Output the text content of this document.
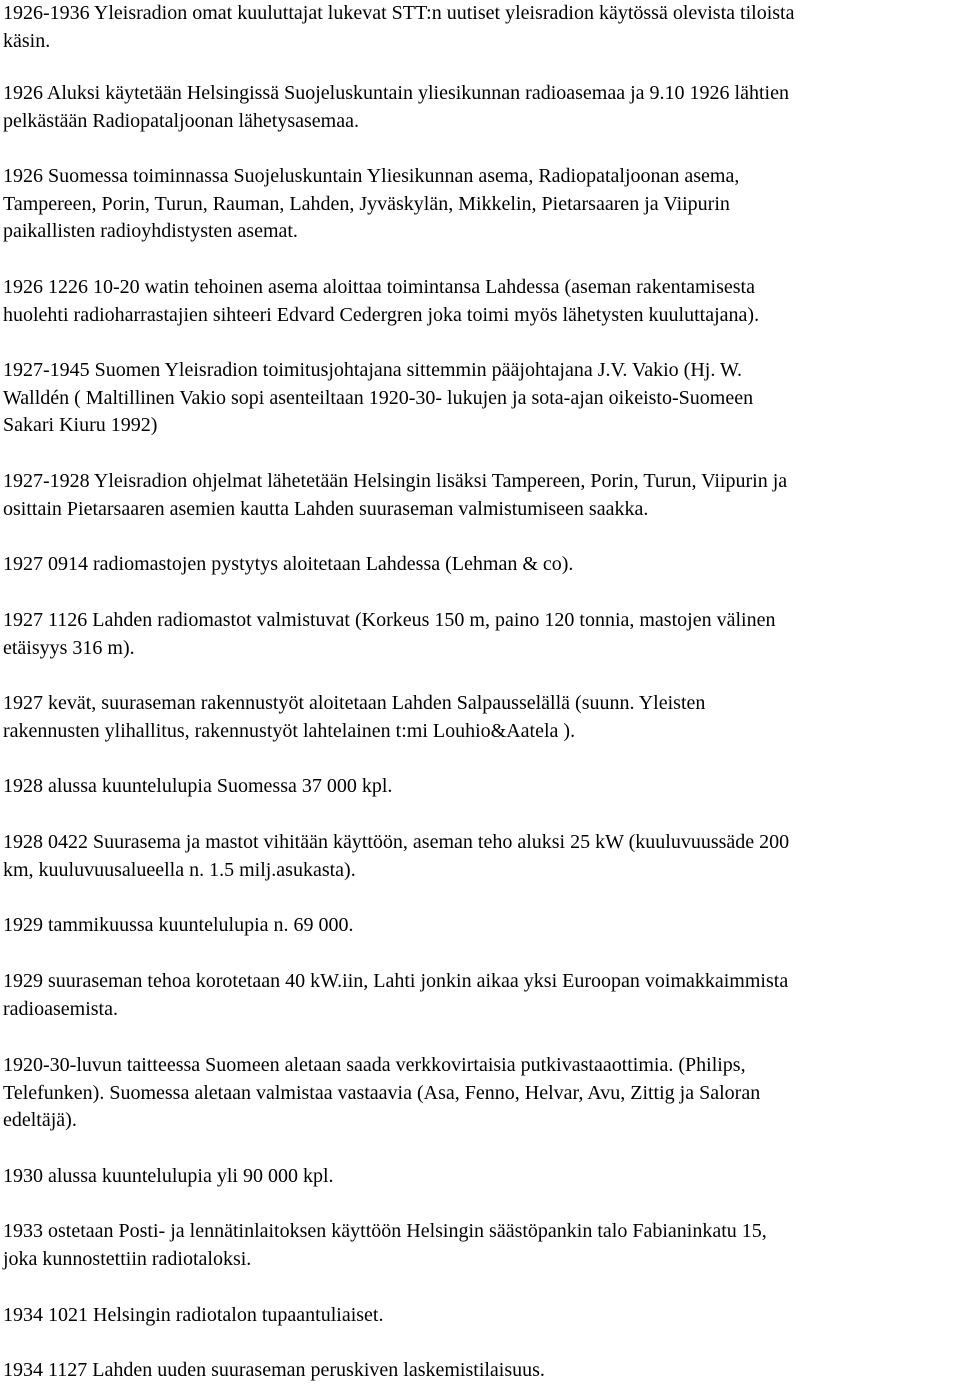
1926-1936 Yleisradion omat kuuluttajat lukevat STT:n uutiset yleisradion käytössä olevista tiloista
käsin.

1926 Aluksi käytetään Helsingissä Suojeluskuntain yliesikunnan radioasemaa ja 9.10 1926 lähtien
pelkästään Radiopataljoonan lähetysasemaa.

1926 Suomessa toiminnassa Suojeluskuntain Yliesikunnan asema, Radiopataljoonan asema,
Tampereen, Porin, Turun, Rauman, Lahden, Jyväskylän, Mikkelin, Pietarsaaren ja Viipurin
paikallisten radioyhdistysten asemat.

1926 1226 10-20 watin tehoinen asema aloittaa toimintansa Lahdessa (aseman rakentamisesta
huolehti radioharrastajien sihteeri Edvard Cedergren joka toimi myös lähetysten kuuluttajana).

1927-1945 Suomen Yleisradion toimitusjohtajana sittemmin pääjohtajana J.V. Vakio (Hj. W.
Walldén ( Maltillinen Vakio sopi asenteiltaan 1920-30- lukujen ja sota-ajan oikeisto-Suomeen
Sakari Kiuru 1992)

1927-1928 Yleisradion ohjelmat lähetetään Helsingin lisäksi Tampereen, Porin, Turun, Viipurin ja
osittain Pietarsaaren asemien kautta Lahden suuraseman valmistumiseen saakka.

1927 0914 radiomastojen pystytys aloitetaan Lahdessa (Lehman & co).

1927 1126 Lahden radiomastot valmistuvat (Korkeus 150 m, paino 120 tonnia, mastojen välinen
etäisyys 316 m).

1927 kevät, suuraseman rakennustyöt aloitetaan Lahden Salpausselällä (suunn. Yleisten
rakennusten ylihallitus, rakennustyöt lahtelainen t:mi Louhio&Aatela ).

1928 alussa kuuntelulupia Suomessa 37 000 kpl.

1928 0422 Suurasema ja mastot vihitään käyttöön, aseman teho aluksi 25 kW (kuuluvuussäde 200
km, kuuluvuusalueella n. 1.5 milj.asukasta).

1929 tammikuussa kuuntelulupia n. 69 000.

1929 suuraseman tehoa korotetaan 40 kW.iin, Lahti jonkin aikaa yksi Euroopan voimakkaimmista
radioasemista.

1920-30-luvun taitteessa Suomeen aletaan saada verkkovirtaisia putkivastaaottimia. (Philips,
Telefunken). Suomessa aletaan valmistaa vastaavia (Asa, Fenno, Helvar, Avu, Zittig ja Saloran
edeltäjä).

1930 alussa kuuntelulupia yli 90 000 kpl.

1933 ostetaan Posti- ja lennätinlaitoksen käyttöön Helsingin säästöpankin talo Fabianinkatu 15,
joka kunnostettiin radiotaloksi.

1934 1021 Helsingin radiotalon tupaantuliaiset.

1934 1127 Lahden uuden suuraseman peruskiven laskemistilaisuus.
